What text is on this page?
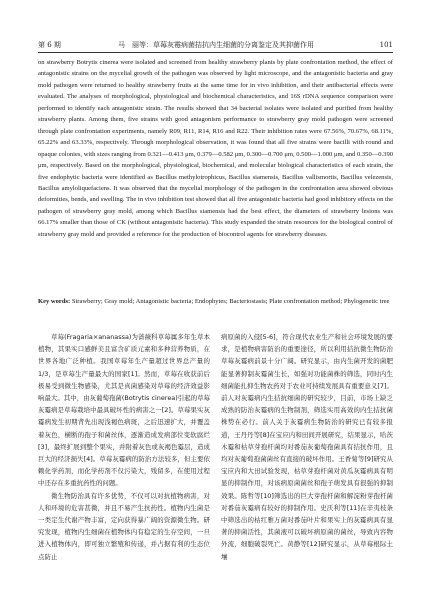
第 6 期	马　丽等：草莓灰霉病菌拮抗内生细菌的分离鉴定及其抑菌作用	101

on strawberry Botrytis cinerea were isolated and screened from healthy strawberry plants by plate confrontation method, the effect of antagonistic strains on the mycelial growth of the pathogen was observed by light microscope, and the antagonistic bacteria and gray mold pathogen were returned to healthy strawberry fruits at the same time for in vivo inhibition, and their antibacterial effects were evaluated. The analyses of morphological, physiological and biochemical characteristics, and 16S rDNA sequence comparison were performed to identify each antagonistic strain. The results showed that 34 bacterial isolates were isolated and purified from healthy strawberry plants. Among them, five strains with good antagonism performance to strawberry gray mold pathogen were screened through plate confrontation experiments, namely R09, R11, R14, R16 and R22. Their inhibition rates were 67.56%, 70.67%, 68.11%, 65.22% and 63.33%, respectively. Through morphological observation, it was found that all five strains were bacilli with round and opaque colonies, with sizes ranging from 0.321—0.413 μm, 0.379—0.582 μm, 0.300—0.700 μm, 0.500—1.000 μm, and 0.350—0.390 μm, respectively. Based on the morphological, physiological, biochemical, and molecular biological characteristics of each strain, the five endophytic bacteria were identified as Bacillus methylotrophicus, Bacillus siamensis, Bacillus vallismortis, Bacillus velezensis, Bacillus amyloliquefaciens. It was observed that the mycelial morphology of the pathogen in the confrontation area showed obvious deformities, bends, and swelling. The in vivo inhibition test showed that all five antagonistic bacteria had good inhibitory effects on the pathogen of strawberry gray mold, among which Bacillus siamensis had the best effect, the diameters of strawberry lesions was 66.17% smaller than those of CK (without antagonistic bacteria). This study expanded the strain resources for the biological control of strawberry gray mold and provided a reference for the production of biocontrol agents for strawberry diseases.

Key words: Strawberry; Gray mold; Antagonistic bacteria; Endophytes; Bacteriostasis; Plate confrontation method; Phylogenetic tree

草莓(Fragaria×ananassa)为蔷薇科草莓属多年生草本植物，其果实口感鲜美且富含矿质元素和多种营养物质，在世界各地广泛种植。我国草莓年生产量超过世界总产量的1/3，是草莓生产量最大的国家[1]。然而，草莓在收获前后极易受到微生物感染，尤其是真菌感染对草莓的经济效益影响最大。其中，由灰葡萄孢菌(Botrytis cinerea)引起的草莓灰霉病是草莓栽培中最具破坏性的病害之一[2]。草莓果实灰霉病发生初期背先出现浅褐色病斑，之后迅速扩大，并覆盖着灰色，横断的孢子和菌丝体，逐渐造成发病部位变软腐烂[3]，最终扩展到整个果实，并附着灰色或灰褐色霉层，造成巨大的经济损失[4]。草莓灰霉病的防治方法较多，但主要依赖化学药剂，而化学药剂不仅污染大，残留多，在使用过程中还存在多重抗药性的问题。

微生物防治具有许多优势，不仅可以对抗植物病害，对人和环境的危害甚微，并且不易产生抗药性。植物内生菌是一类定生代谢产物丰富，定向获得暴广阔的资源微生物。研究发现，植物内生细菌在植物体内有稳定的生存空间，一旦进入植物体内，即可独立繁殖和传递，并占据有利的生态位点防止

病原菌的入侵[5-6]，符合现代农业生产和社会环境发展的要求，是植物病害防治的重要途径，所以利用拮抗微生物防治草莓灰霉病前景十分广阔。研究显示，由内生菌开发的菌肥能显著抑制灰霉菌生长，如强对功能菌株的筛选，同时内生细菌能扎抑生物农药对于农业可持续发展具有重要意义[7]。前人对灰霉病内生拮抗细菌的研究较少，目前，市场上缺乏成熟的防治灰霉病的生物制剂，筛选实用高效的内生拮抗菌株势在必行。前人关于灰霉病生物防治的研究已有较多报道，王丹丹等[8]在宝应内和田间开展研究，结果显示，哈茨木霉和枯草芽孢杆菌均对番茄灰葡萄孢菌具有拮抗作用，且均对灰葡萄孢菌菌丝有直接的破坏作用。王香菊等[9]研究从宝应内和大田试验发现，枯草芽孢杆菌对黄瓜灰霉病具有明显的抑制作用，对该病原菌菌丝和孢子萌发具有很强的抑制效果。陈哲等[10]筛选出的巨大芽孢杆菌和解淀粉芽孢杆菌对番茄灰霉病有较好的抑制作用。史沃利等[11]在辛夷枝条中筛选出的枯红雅万菌对番茄叶片和果实上的灰霉病具有显著的抑菌活性，其菌液可以破坏病原菌的菌丝，导致内容物外流，细胞破裂死亡。黄静等[12]研究显示，从草莓根际土壤
